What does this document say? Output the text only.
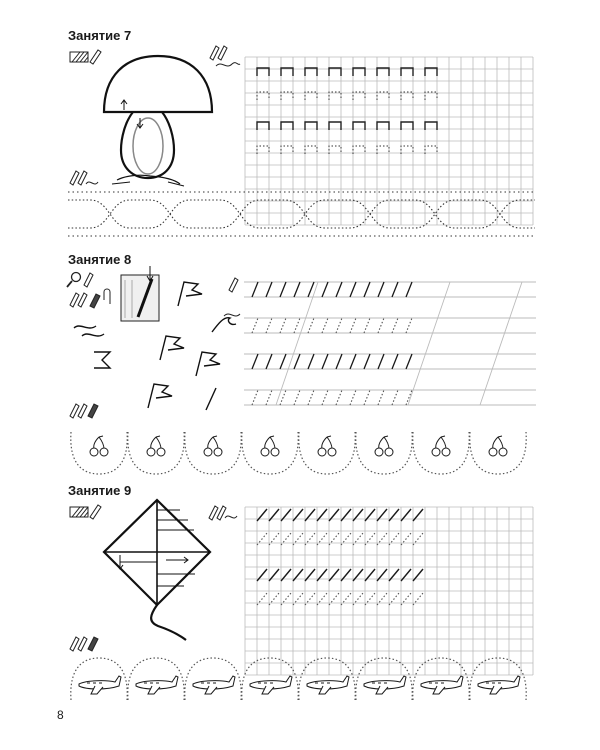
Занятие 7
Занятие 8
Занятие 9
8
